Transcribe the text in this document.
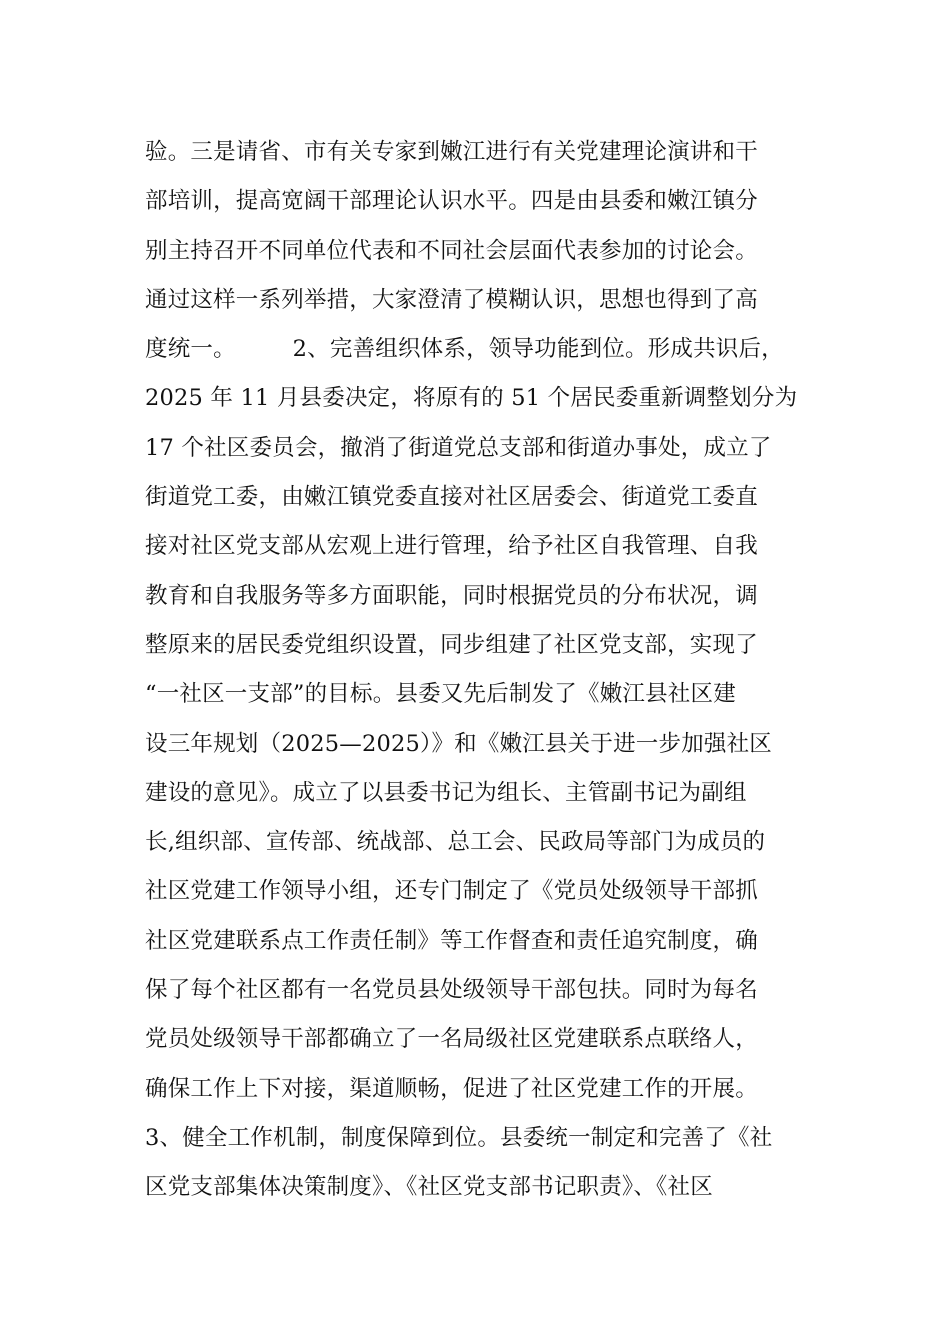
验。三是请省、市有关专家到嫩江进行有关党建理论演讲和干
部培训，提高宽阔干部理论认识水平。四是由县委和嫩江镇分
别主持召开不同单位代表和不同社会层面代表参加的讨论会。
通过这样一系列举措，大家澄清了模糊认识，思想也得到了高
度统一。　　　2、完善组织体系，领导功能到位。形成共识后，
2025 年 11 月县委决定，将原有的 51 个居民委重新调整划分为
17 个社区委员会，撤消了街道党总支部和街道办事处，成立了
街道党工委，由嫩江镇党委直接对社区居委会、街道党工委直
接对社区党支部从宏观上进行管理，给予社区自我管理、自我
教育和自我服务等多方面职能，同时根据党员的分布状况，调
整原来的居民委党组织设置，同步组建了社区党支部，实现了
“一社区一支部”的目标。县委又先后制发了《嫩江县社区建
设三年规划（2025—2025）》和《嫩江县关于进一步加强社区
建设的意见》。成立了以县委书记为组长、主管副书记为副组
长,组织部、宣传部、统战部、总工会、民政局等部门为成员的
社区党建工作领导小组，还专门制定了《党员处级领导干部抓
社区党建联系点工作责任制》等工作督查和责任追究制度，确
保了每个社区都有一名党员县处级领导干部包扶。同时为每名
党员处级领导干部都确立了一名局级社区党建联系点联络人，
确保工作上下对接，渠道顺畅，促进了社区党建工作的开展。
3、健全工作机制，制度保障到位。县委统一制定和完善了《社
区党支部集体决策制度》、《社区党支部书记职责》、《社区
